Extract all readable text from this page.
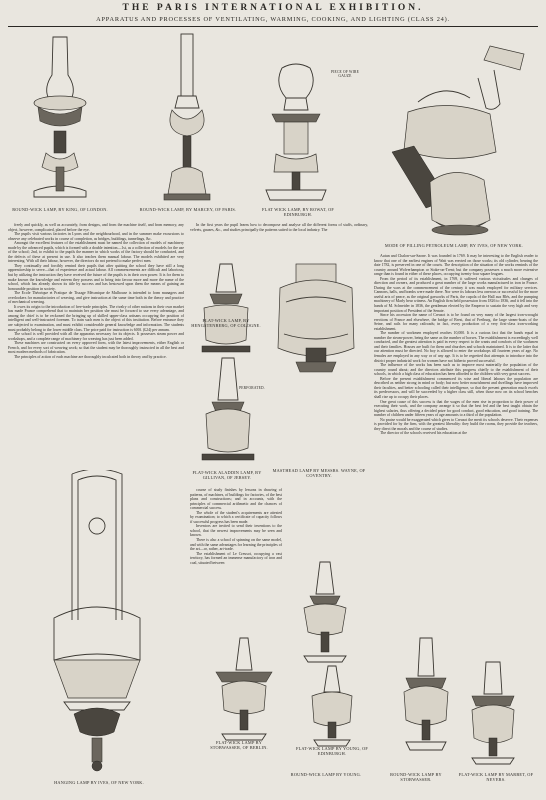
THE PARIS INTERNATIONAL EXHIBITION.
APPARATUS AND PROCESSES OF VENTILATING, WARMING, COOKING, AND LIGHTING (CLASS 24).
PIECE OF WIRE GAUZE
ROUND-WICK LAMP, BY KING, OF LONDON.	ROUND-WICK LAMP, BY MARCEY, OF PARIS.	FLAT WICK LAMP, BY ROWAT, OF EDINBURGH.
MODE OF FILLING PETROLEUM LAMP, BY IVES, OF NEW YORK.

freely and quickly, as well as accurately, from designs, and from the machine itself, and from memory, any object, however, complicated, placed before the eye.

The pupils visit various factories in Lyons and the neighbourhood, and in the summer make excursions to observe any celebrated works in course of completion, as bridges, buildings, tunnelings, &c.

Amongst the excellent features of the establishment must be named the collection of models of machinery made by the advanced pupils, which is formed with a double intention—1st, as a collection of models for the use of the school; 2nd, to exhibit to the pupils the manner in which works of the factory should be conducted, and the defects of these at present in use. It also teaches them manual labour. The models exhibited are very interesting. With all their labour, however, the directors do not pretend to make perfect men.

They continually and forcibly remind their pupils that after quitting the school they have still a long apprenticeship to serve—that of experience and actual labour. All commencements are difficult and laborious; but by utilizing the instruction they have received the future of the pupils is in their own power. It is for them to make known the knowledge and esteem they possess and to bring into favour more and more the name of the school, which has already shown its title by success and has bestowed upon them the means of gaining an honourable position in society.

The Ecole Théorique et Pratique de Tissage Mécanique de Mulhouse is intended to form managers and overlookers for manufactories of weaving, and give instruction at the same time both in the theory and practice of mechanical weaving.

It owes its origin to the introduction of free-trade principles. The rivalry of other nations in their own market has made France comprehend that to maintain her position she must be forward to use every advantage, and among the chief is to be reckoned the bringing up of skilled upper-class artisans occupying the position of intelligent and well-instructed foremen. To train such men is the object of this institution. Before entrance they are subjected to examination, and must exhibit considerable general knowledge and information. The students must probably belong to the lower middle class. The price paid for instruction is 600f. (£24) per annum.

The school is well provided with all the apparatus necessary for its objects. It possesses steam power and workshops, and a complete range of machinery for weaving has just been added.

These machines are constructed on every approved form, with the latest improvements, either English or French, and for every sort of weaving work; so that the student may be thoroughly instructed in all the best and most modern methods of fabrication.

The principles of action of each machine are thoroughly inculcated both in theory and by practice.

In the first years the pupil learns how to decompose and analyse all the different forms of stuffs, ordinary, velvets, gauzes, &c., and studies principally the patterns suited to the local industry. The

FLAT-WICK LAMP, BY HENGSTENBERG, OF COLOGNE.
PERFORATED.
FLAT-WICK ALADDIN LAMP, BY GILLIVAN, OF JERSEY.
MASTHEAD LAMP BY MESSRS. WAYNE, OF COVENTRY.

Autun and Chalon-sur-Saone. It was founded in 1769. It may be interesting to the English reader to know that one of the earliest engines of Watt was erected on those works; its old cylinder, bearing the date 1782, is preserved in one of the courts. The description of the situation of the works reminds of the country around Wolverhampton or Stoke-on-Trent; but the company possesses a much more extensive range than is found in either of these places, occupying twenty-four square leagues.

From the period of its establishment, in 1769, it suffered various vicissitudes and changes of direction and owners, and produced a great number of the large works manufactured in iron in France. During the wars at the commencement of the century it was much employed for military services. Cannons, balls, and bombs were made there. Nor were its labours less onerous or successful for the more useful arts of peace, as the original gasworks of Paris, the cupola of the Hall aux Blés, and the pumping machinery of Marly bear witness. An English firm held possession from 1826 to 1836, and it fell into the hands of M. Schneider in 1836, the gentleman elected by the Emperor to sustain the very high and very important position of President of the Senate.

Since his accession the name of Creusot is to be found on very many of the largest iron-wrought erections of France and elsewhere, the bridge of Brest, that of Freiburg, the large steam-boats of the Seine, and rails for many railroads; in fact, every production of a very first-class iron-working establishment.

The number of workmen employed reaches 10,000. It is a curious fact that the hands equal in number the steam-power, being the same as the number of horses. The establishment is exceedingly well conducted, and the greatest attention is paid in every respect to the wants and comforts of the workmen and their families. Houses are built for them and churches and schools maintained. It is to the latter that our attention must be directed. No boy is allowed to enter the workshops till fourteen years of age. No females are employed in any way or of any age. It is to be regretted that attempts to introduce into the district proper industrial work for women have not hitherto proved successful.

The influence of the works has been such as to improve most materially the population of the country round about; and the directors attribute this progress chiefly to the establishment of their schools, in which a high class of education has been afforded to the children with very great success.

Before the present establishment commenced its wise and liberal labours the population are described as neither strong in mind or body; but now better nourishment and dwellings have improved their faculties, and better schooling called their intelligence, so that the present generation much excels its predecessors, and will be succeeded by a higher class still, when those now on its school benches shall rise up to occupy their places.

One great cause of this success is that the wages of the men rise in proportion to their power of executing their work, and the company arrange it so that the best fed and the best taught obtain the highest salaries, thus offering a decided prize for good conduct, good education, and good training. The number of children under fifteen years of age amounts to a third of the population.

No praise would be exaggerated which gives to Creusot the merit its schools deserve. Their expenses is provided for by the firm, with the greatest liberality: they build the rooms, they provide the teachers, they direct the morals and the course of studies.

The director of the schools received his education at the

course of study finishes by lessons in drawing of patterns, of machines, of buildings for factories, of the best plans and constructions; and in accounts, with the principles of commercial arithmetic and the chances of commercial success.

The whole of the student's acquirements are attested by examination; to which a certificate of capacity follows if successful progress has been made.

Inventors are invited to send their inventions to the school, that the newest improvements may be seen and known.

There is also a school of spinning on the same model, and with the same advantages for learning the principles of the art—or, rather, art-trade.

The establishment of Le Creusot, occupying a vast territory, has formed an immense manufactory of iron and coal, situated between

FLAT-WICK LAMP BY STOBWASSER, OF BERLIN.	FLAT-WICK LAMP BY YOUNG, OF EDINBURGH.
HANGING LAMP BY IVES, OF NEW YORK.
ROUND-WICK LAMP BY YOUNG.	ROUND-WICK LAMP BY STOBWASSER.
FLAT-WICK LAMP BY MARBET, OF NEVERS.
